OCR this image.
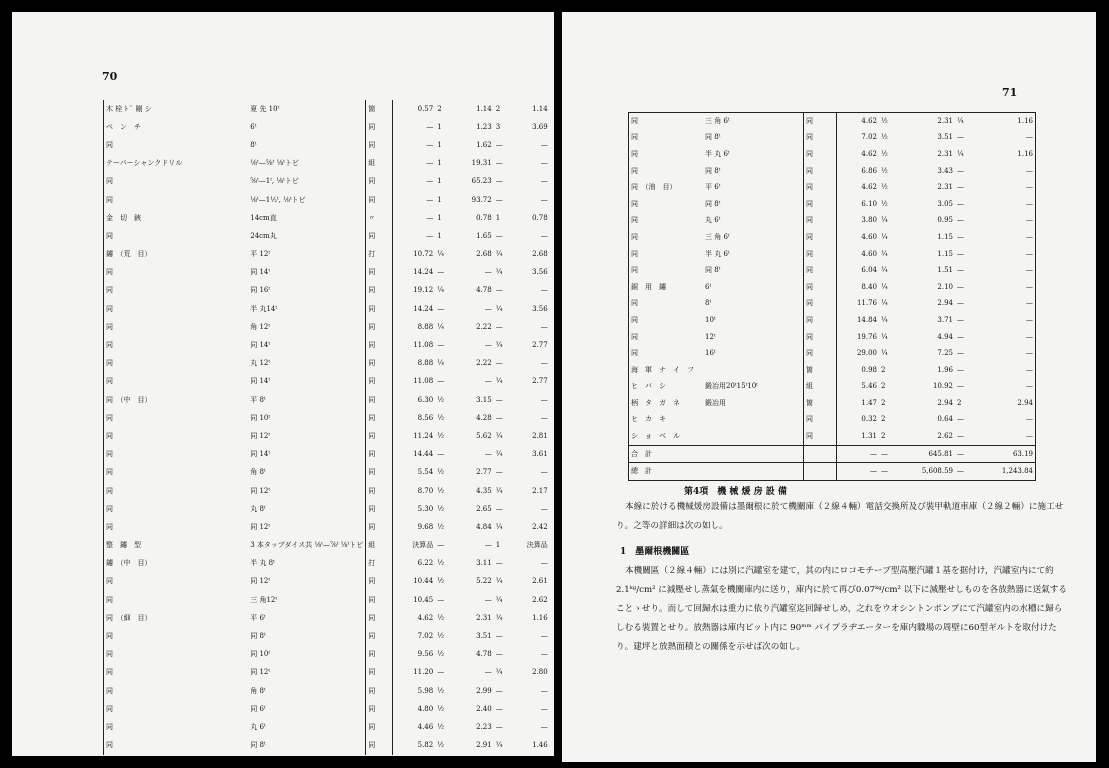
70
木 栓 ﾄ ﾞ 剛 シ		夏 先 10ᵗ	箇	0.57	2	1.14	2	1.14
ベ　ン　チ		6ᵗ	同	—	1	1.23	3	3.69
同		8ᵗ	同	—	1	1.62	—	—
テーパーシャンクドリル		⅛ᵗ—⅝ᵗ ⅛ᵗトビ	組	—	1	19.31	—	—
同		⅝ᵗ—1ᵗ, ⅛ᵗトビ	同	—	1	65.23	—	—
同		⅛ᵗ—1¹⁄₂ᵗ, ⅛ᵗトビ	同	—	1	93.72	—	—
金　切　鋏		14cm直	〃	—	1	0.78	1	0.78
同		24cm丸	同	—	1	1.65	—	—
鑢　（荒　目）		平 12ᵗ	打	10.72	¼	2.68	¼	2.68
同		同 14ᵗ	同	14.24	—	—	¼	3.56
同		同 16ᵗ	同	19.12	¼	4.78	—	—
同		半 丸14ᵗ	同	14.24	—	—	¼	3.56
同		角 12ᵗ	同	8.88	¼	2.22	—	—
同		同 14ᵗ	同	11.08	—	—	¼	2.77
同		丸 12ᵗ	同	8.88	¼	2.22	—	—
同		同 14ᵗ	同	11.08	—	—	¼	2.77
同　（中　目）		平 8ᵗ	同	6.30	½	3.15	—	—
同		同 10ᵗ	同	8.56	½	4.28	—	—
同		同 12ᵗ	同	11.24	½	5.62	¼	2.81
同		同 14ᵗ	同	14.44	—	—	¼	3.61
同		角 8ᵗ	同	5.54	½	2.77	—	—
同		同 12ᵗ	同	8.70	½	4.35	¼	2.17
同		丸 8ᵗ	同	5.30	½	2.65	—	—
同		同 12ᵗ	同	9.68	½	4.84	¼	2.42
整　鑢　型		3 本タップダイス共 ⅛ᵗ—⅞ᵗ ⅛ᵗトビ	組	決算品	—	—	1	決算品
鑢　（中　目）		半 丸 8ᵗ	打	6.22	½	3.11	—	—
同		同 12ᵗ	同	10.44	½	5.22	¼	2.61
同		三 角12ᵗ	同	10.45	—	—	¼	2.62
同　（細　目）		平 6ᵗ	同	4.62	½	2.31	¼	1.16
同		同 8ᵗ	同	7.02	½	3.51	—	—
同		同 10ᵗ	同	9.56	½	4.78	—	—
同		同 12ᵗ	同	11.20	—	—	¼	2.80
同		角 8ᵗ	同	5.98	½	2.99	—	—
同		同 6ᵗ	同	4.80	½	2.40	—	—
同		丸 6ᵗ	同	4.46	½	2.23	—	—
同		同 8ᵗ	同	5.82	½	2.91	¼	1.46
71
同	三 角 6ᵗ	同	4.62	½	2.31	¼	1.16
同	同 8ᵗ	同	7.02	½	3.51	—	—
同	半 丸 6ᵗ	同	4.62	½	2.31	¼	1.16
同	同 8ᵗ	同	6.86	½	3.43	—	—
同　（油　目）	平 6ᵗ	同	4.62	½	2.31	—	—
同	同 8ᵗ	同	6.10	½	3.05	—	—
同	丸 6ᵗ	同	3.80	¼	0.95	—	—
同	三 角 6ᵗ	同	4.60	¼	1.15	—	—
同	半 丸 6ᵗ	同	4.60	¼	1.15	—	—
同	同 8ᵗ	同	6.04	¼	1.51	—	—
鋸　用　鑢	6ᵗ	同	8.40	¼	2.10	—	—
同	8ᵗ	同	11.76	¼	2.94	—	—
同	10ᵗ	同	14.84	¼	3.71	—	—
同	12ᵗ	同	19.76	¼	4.94	—	—
同	16ᵗ	同	29.00	¼	7.25	—	—
海　軍　ナ　イ　フ		箇	0.98	2	1.96	—	—
ヒ　バ　シ	鍛冶用20ᵗ15ᵗ10ᵗ	組	5.46	2	10.92	—	—
柄　タ　ガ　ネ	鍛冶用	箇	1.47	2	2.94	2	2.94
ヒ　カ　キ		同	0.32	2	0.64	—	—
シ　ョ　ベ　ル		同	1.31	2	2.62	—	—
合　計			—	—	645.81	—	63.19
總　計			—	—	5,608.59	—	1,243.84
第4項　機 械 煖 房 設 備

本線に於ける機械煖房設備は墨爾根に於て機關庫（２線４輛）電話交換所及び裝甲軌道車庫（２線２輛）に施工せり。之等の詳細は次の如し。

1　墨爾根機關區

本機關區（２線４輛）には別に汽罐室を建て，其の内にロコモチーブ型高壓汽罐１基を据付け，汽罐室内にて約 2.1ᵏᵍ/cm² に減壓せし蒸氣を機關庫内に送り，庫内に於て再び0.07ᵏᵍ/cm² 以下に減壓せしものを各放熱器に送氣することゝせり。而して回歸水は重力に依り汽罐室迄回歸せしめ，之れをウオシントンポンプにて汽罐室内の水槽に歸らしむる裝置とせり。放熱器は庫内ピット内に 90ᵐᵐ パイプラヂエーターを庫内職場の周壁に60型ギルトを取付けたり。建坪と放熱面積との關係を示せば次の如し。
